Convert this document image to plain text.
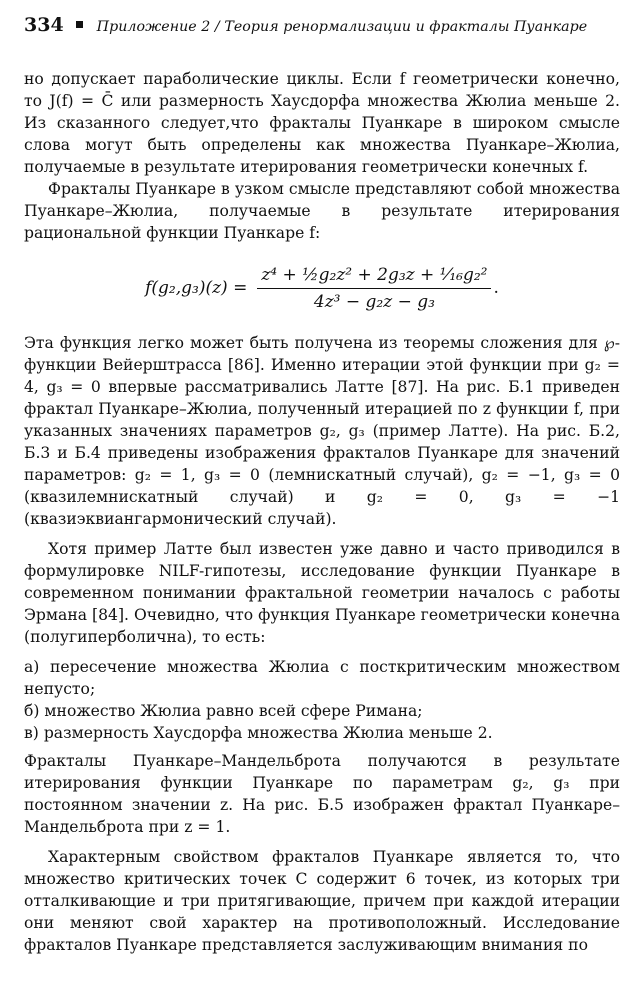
334 Приложение 2 / Теория ренормализации и фракталы Пуанкаре

но допускает параболические циклы. Если f геометрически конечно, то J(f) = C̄ или размерность Хаусдорфа множества Жюлиа меньше 2. Из сказанного следует,что фракталы Пуанкаре в широком смысле слова могут быть определены как множества Пуанкаре–Жюлиа, получаемые в результате итерирования геометрически конечных f.

Фракталы Пуанкаре в узком смысле представляют собой множества Пуанкаре–Жюлиа, получаемые в результате итерирования рациональной функции Пуанкаре f:

$f(g_2,g_3)(z) = \frac{\text{z⁴ + ½g₂z² + 2g₃z + ¹⁄₁₆g₂²}}{\text{4z³ − g₂z − g₃}}$ .

Эта функция легко может быть получена из теоремы сложения для ℘-функции Вейерштрасса [86]. Именно итерации этой функции при g₂ = 4, g₃ = 0 впервые рассматривались Латте [87]. На рис. Б.1 приведен фрактал Пуанкаре–Жюлиа, полученный итерацией по z функции f, при указанных значениях параметров g₂, g₃ (пример Латте). На рис. Б.2, Б.3 и Б.4 приведены изображения фракталов Пуанкаре для значений параметров: g₂ = 1, g₃ = 0 (лемнискатный случай), g₂ = −1, g₃ = 0 (квазилемнискатный случай) и g₂ = 0, g₃ = −1 (квазиэквиангармонический случай).

Хотя пример Латте был известен уже давно и часто приводился в формулировке NILF-гипотезы, исследование функции Пуанкаре в современном понимании фрактальной геометрии началось с работы Эрмана [84]. Очевидно, что функция Пуанкаре геометрически конечна (полугиперболична), то есть:

а) пересечение множества Жюлиа с посткритическим множеством непусто;
б) множество Жюлиа равно всей сфере Римана;
в) размерность Хаусдорфа множества Жюлиа меньше 2.

Фракталы Пуанкаре–Мандельброта получаются в результате итерирования функции Пуанкаре по параметрам g₂, g₃ при постоянном значении z. На рис. Б.5 изображен фрактал Пуанкаре–Мандельброта при z = 1.

Характерным свойством фракталов Пуанкаре является то, что множество критических точек C содержит 6 точек, из которых три отталкивающие и три притягивающие, причем при каждой итерации они меняют свой характер на противоположный. Исследование фракталов Пуанкаре представляется заслуживающим внимания по
